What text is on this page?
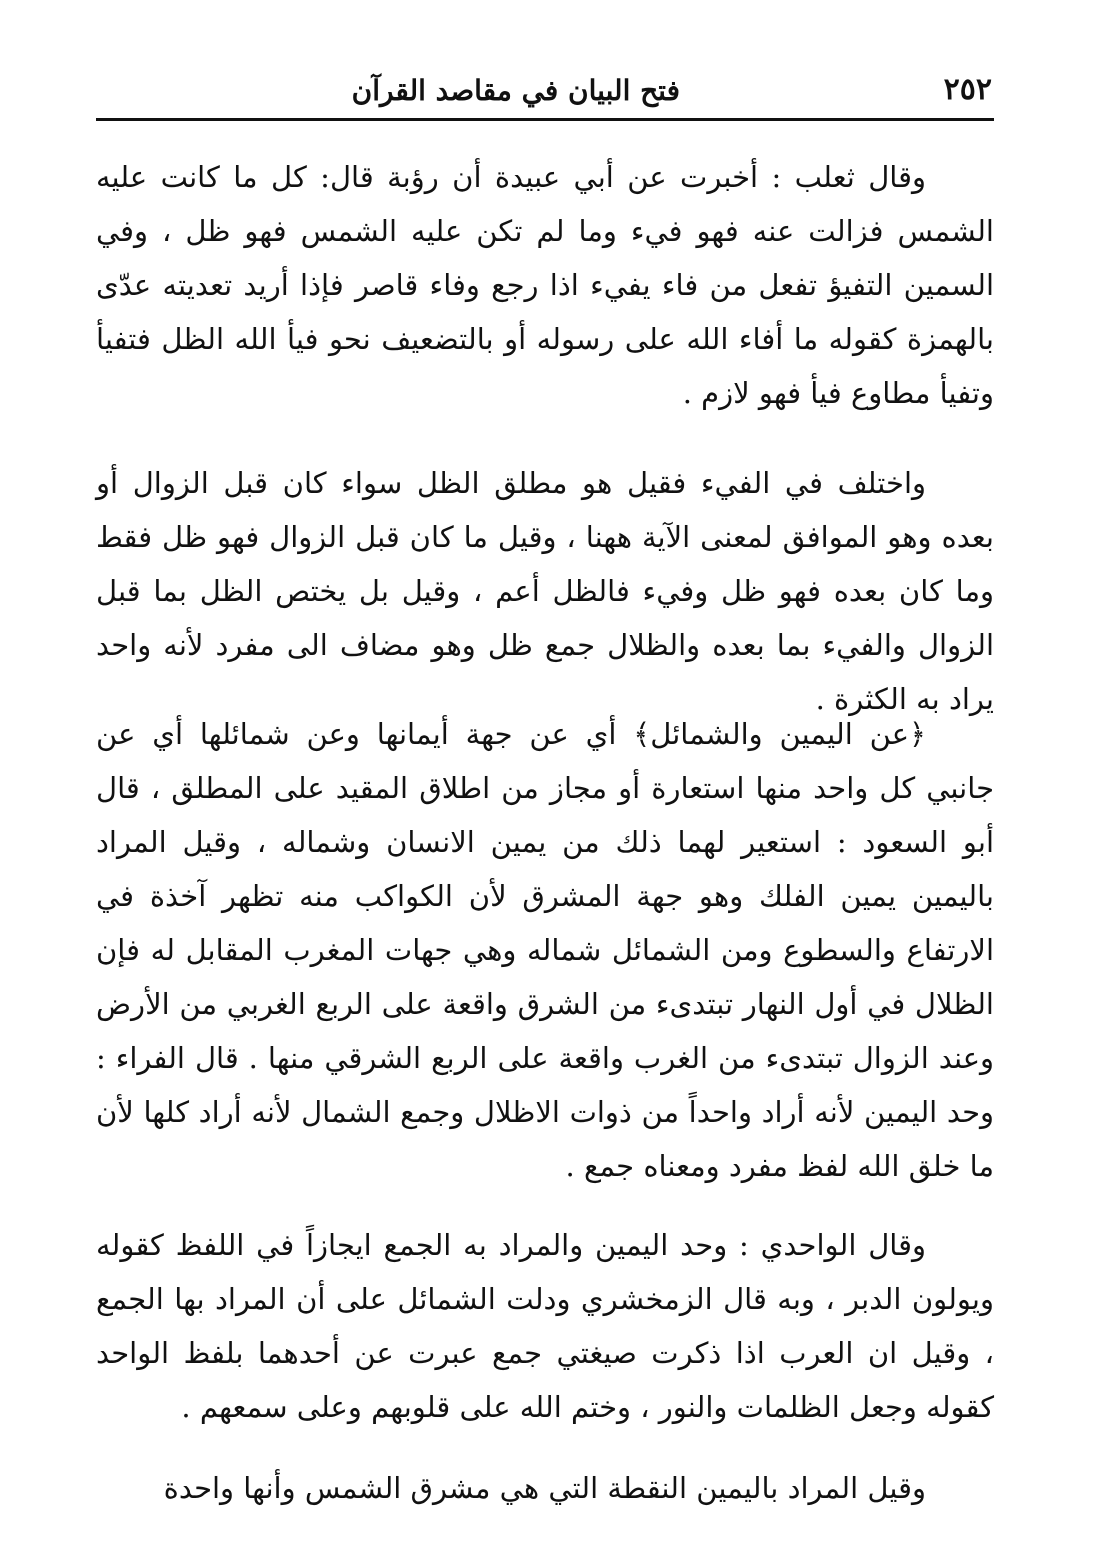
٢٥٢
فتح البيان في مقاصد القرآن

وقال ثعلب : أخبرت عن أبي عبيدة أن رؤبة قال: كل ما كانت عليه الشمس فزالت عنه فهو فيء وما لم تكن عليه الشمس فهو ظل ، وفي السمين التفيؤ تفعل من فاء يفيء اذا رجع وفاء قاصر فإذا أريد تعديته عدّى بالهمزة كقوله ما أفاء الله على رسوله أو بالتضعيف نحو فيأ الله الظل فتفيأ وتفيأ مطاوع فيأ فهو لازم .

واختلف في الفيء فقيل هو مطلق الظل سواء كان قبل الزوال أو بعده وهو الموافق لمعنى الآية ههنا ، وقيل ما كان قبل الزوال فهو ظل فقط وما كان بعده فهو ظل وفيء فالظل أعم ، وقيل بل يختص الظل بما قبل الزوال والفيء بما بعده والظلال جمع ظل وهو مضاف الى مفرد لأنه واحد يراد به الكثرة .

﴿عن اليمين والشمائل﴾ أي عن جهة أيمانها وعن شمائلها أي عن جانبي كل واحد منها استعارة أو مجاز من اطلاق المقيد على المطلق ، قال أبو السعود : استعير لهما ذلك من يمين الانسان وشماله ، وقيل المراد باليمين يمين الفلك وهو جهة المشرق لأن الكواكب منه تظهر آخذة في الارتفاع والسطوع ومن الشمائل شماله وهي جهات المغرب المقابل له فإن الظلال في أول النهار تبتدىء من الشرق واقعة على الربع الغربي من الأرض وعند الزوال تبتدىء من الغرب واقعة على الربع الشرقي منها . قال الفراء : وحد اليمين لأنه أراد واحداً من ذوات الاظلال وجمع الشمال لأنه أراد كلها لأن ما خلق الله لفظ مفرد ومعناه جمع .

وقال الواحدي : وحد اليمين والمراد به الجمع ايجازاً في اللفظ كقوله ويولون الدبر ، وبه قال الزمخشري ودلت الشمائل على أن المراد بها الجمع ، وقيل ان العرب اذا ذكرت صيغتي جمع عبرت عن أحدهما بلفظ الواحد كقوله وجعل الظلمات والنور ، وختم الله على قلوبهم وعلى سمعهم .

وقيل المراد باليمين النقطة التي هي مشرق الشمس وأنها واحدة
